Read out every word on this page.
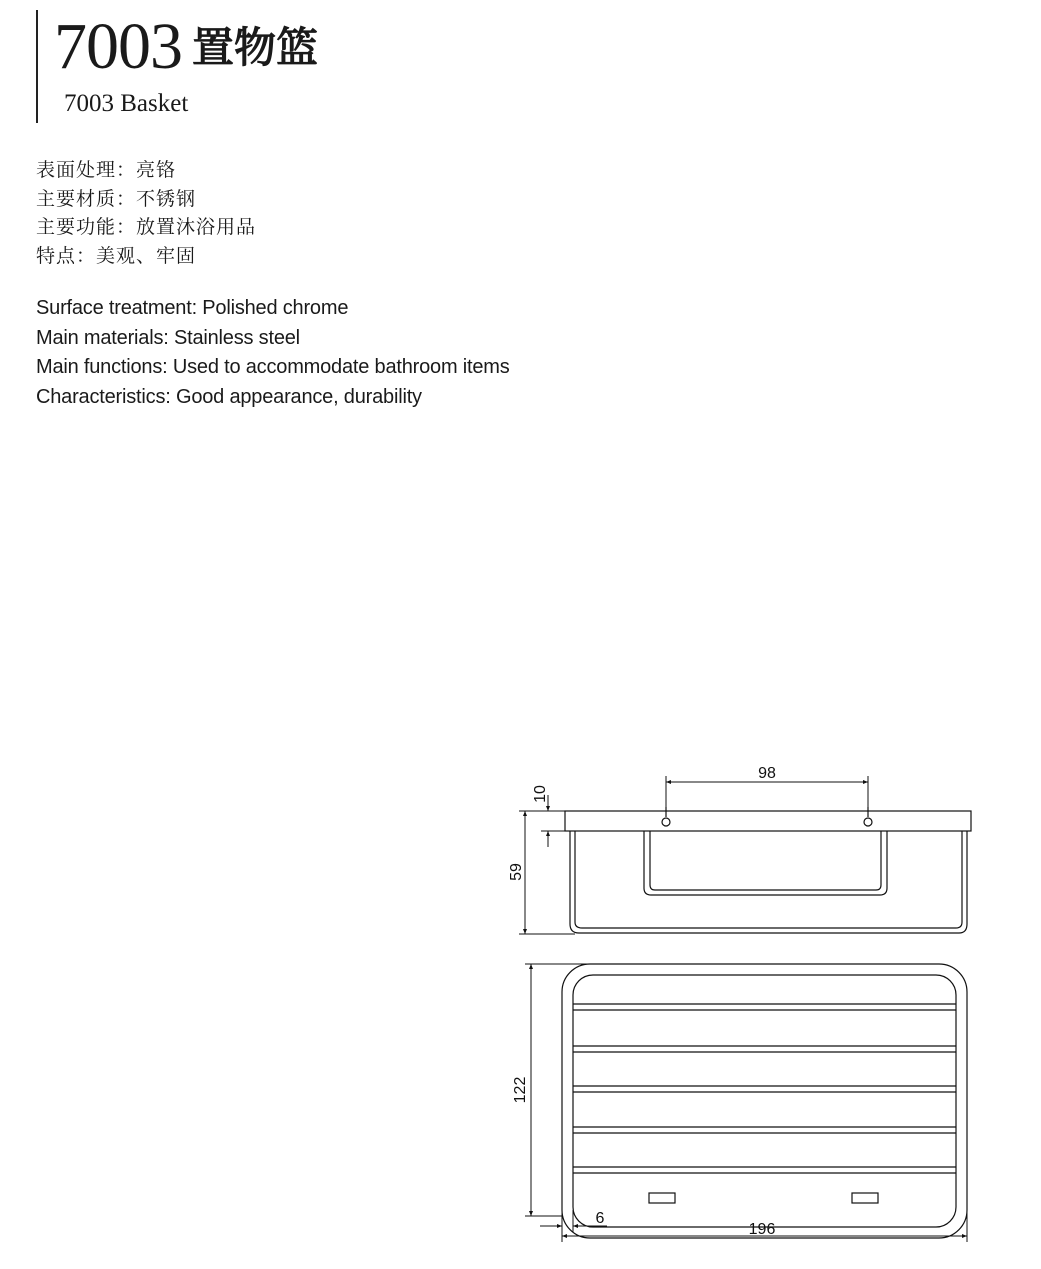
7003 置物篮
7003 Basket
表面处理：亮铬
主要材质：不锈钢
主要功能：放置沐浴用品
特点：美观、牢固
Surface treatment: Polished chrome
Main materials: Stainless steel
Main functions: Used to accommodate bathroom items
Characteristics: Good appearance, durability
98
10
59
122
6
196
